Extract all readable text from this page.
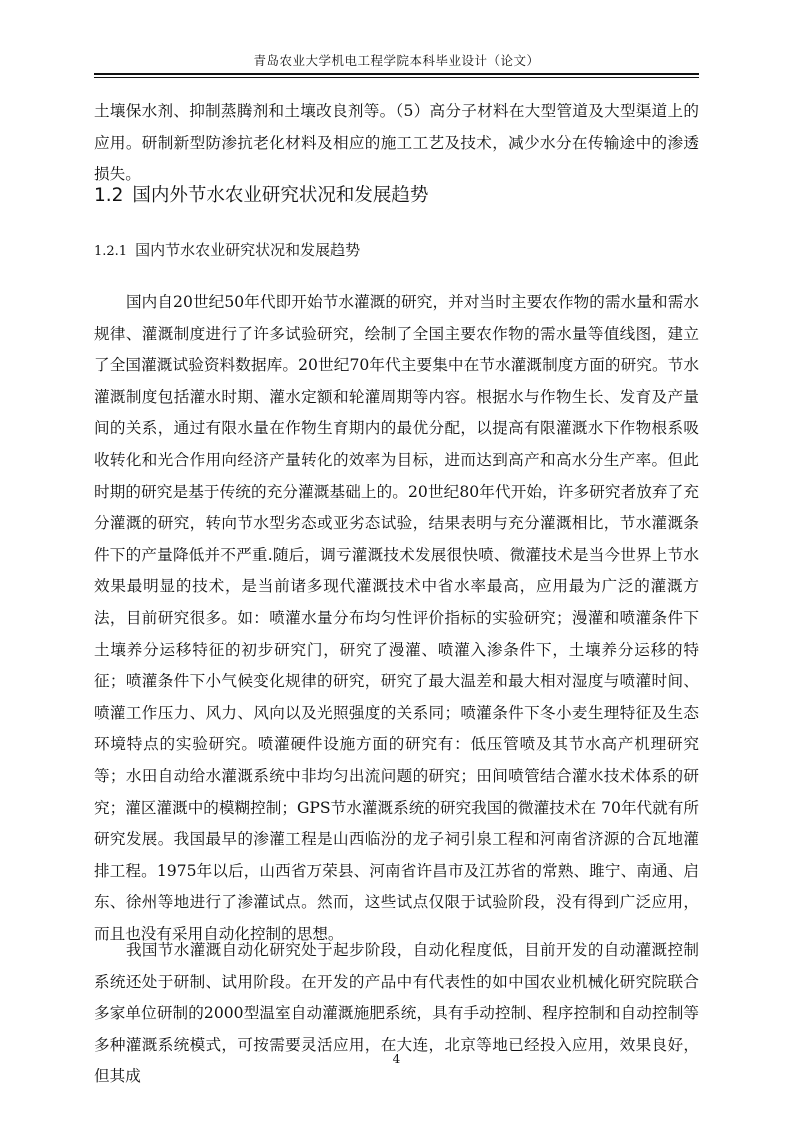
青岛农业大学机电工程学院本科毕业设计（论文）

土壤保水剂、抑制蒸腾剂和土壤改良剂等。（5）高分子材料在大型管道及大型渠道上的应用。研制新型防渗抗老化材料及相应的施工工艺及技术，减少水分在传输途中的渗透损失。

1.2 国内外节水农业研究状况和发展趋势
1.2.1 国内节水农业研究状况和发展趋势

国内自20世纪50年代即开始节水灌溉的研究，并对当时主要农作物的需水量和需水规律、灌溉制度进行了许多试验研究，绘制了全国主要农作物的需水量等值线图，建立了全国灌溉试验资料数据库。20世纪70年代主要集中在节水灌溉制度方面的研究。节水灌溉制度包括灌水时期、灌水定额和轮灌周期等内容。根据水与作物生长、发育及产量间的关系，通过有限水量在作物生育期内的最优分配，以提高有限灌溉水下作物根系吸收转化和光合作用向经济产量转化的效率为目标，进而达到高产和高水分生产率。但此时期的研究是基于传统的充分灌溉基础上的。20世纪80年代开始，许多研究者放弃了充分灌溉的研究，转向节水型劣态或亚劣态试验，结果表明与充分灌溉相比，节水灌溉条件下的产量降低并不严重.随后，调亏灌溉技术发展很快喷、微灌技术是当今世界上节水效果最明显的技术，是当前诸多现代灌溉技术中省水率最高，应用最为广泛的灌溉方法，目前研究很多。如：喷灌水量分布均匀性评价指标的实验研究；漫灌和喷灌条件下土壤养分运移特征的初步研究门，研究了漫灌、喷灌入渗条件下，土壤养分运移的特征；喷灌条件下小气候变化规律的研究，研究了最大温差和最大相对湿度与喷灌时间、喷灌工作压力、风力、风向以及光照强度的关系同；喷灌条件下冬小麦生理特征及生态环境特点的实验研究。喷灌硬件设施方面的研究有：低压管喷及其节水高产机理研究等；水田自动给水灌溉系统中非均匀出流问题的研究；田间喷管结合灌水技术体系的研究；灌区灌溉中的模糊控制；GPS节水灌溉系统的研究我国的微灌技术在 70年代就有所研究发展。我国最早的渗灌工程是山西临汾的龙子祠引泉工程和河南省济源的合瓦地灌排工程。1975年以后，山西省万荣县、河南省许昌市及江苏省的常熟、雎宁、南通、启东、徐州等地进行了渗灌试点。然而，这些试点仅限于试验阶段，没有得到广泛应用，而且也没有采用自动化控制的思想。

我国节水灌溉自动化研究处于起步阶段，自动化程度低，目前开发的自动灌溉控制系统还处于研制、试用阶段。在开发的产品中有代表性的如中国农业机械化研究院联合多家单位研制的2000型温室自动灌溉施肥系统，具有手动控制、程序控制和自动控制等多种灌溉系统模式，可按需要灵活应用，在大连，北京等地已经投入应用，效果良好，但其成

4
